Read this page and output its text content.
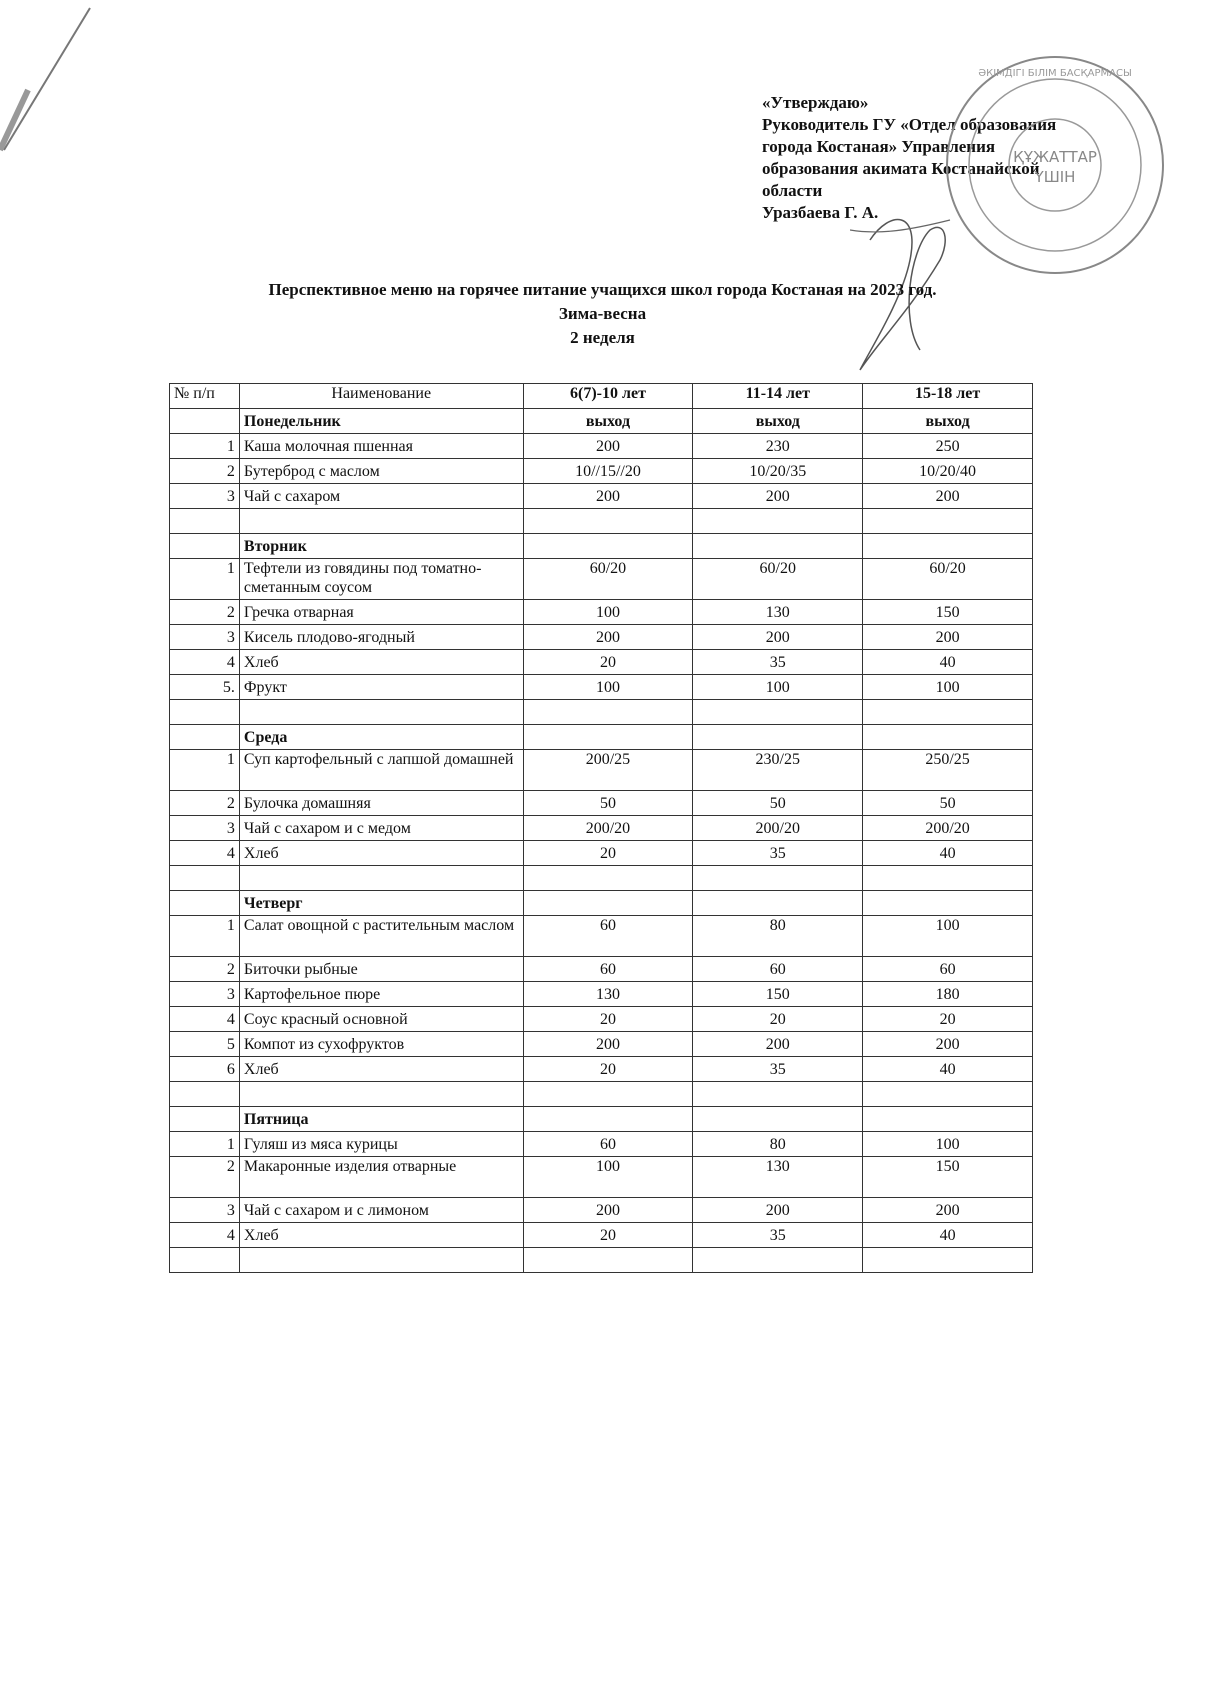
«Утверждаю»
Руководитель ГУ «Отдел образования
города Костаная» Управления
образования акимата Костанайской
области
Уразбаева Г. А.
ҚҰЖАТТАР
ҮШІН
ӘКІМДІГІ БІЛІМ БАСҚАРМАСЫ
Перспективное меню на горячее питание учащихся школ города Костаная на 2023 год.
Зима-весна
2 неделя
№ п/п	Наименование	6(7)-10 лет	11-14 лет	15-18 лет
	Понедельник	выход	выход	выход
1	Каша молочная пшенная	200	230	250
2	Бутерброд с маслом	10//15//20	10/20/35	10/20/40
3	Чай с сахаром	200	200	200

	Вторник			
1	Тефтели из говядины под томатно-сметанным соусом	60/20	60/20	60/20
2	Гречка отварная	100	130	150
3	Кисель плодово-ягодный	200	200	200
4	Хлеб	20	35	40
5.	Фрукт	100	100	100

	Среда			
1	Суп картофельный с лапшой домашней	200/25	230/25	250/25
2	Булочка домашняя	50	50	50
3	Чай с сахаром и с медом	200/20	200/20	200/20
4	Хлеб	20	35	40

	Четверг			
1	Салат овощной с растительным маслом	60	80	100
2	Биточки рыбные	60	60	60
3	Картофельное пюре	130	150	180
4	Соус красный основной	20	20	20
5	Компот из сухофруктов	200	200	200
6	Хлеб	20	35	40

	Пятница			
1	Гуляш из мяса курицы	60	80	100
2	Макаронные изделия отварные	100	130	150
3	Чай с сахаром и с лимоном	200	200	200
4	Хлеб	20	35	40
